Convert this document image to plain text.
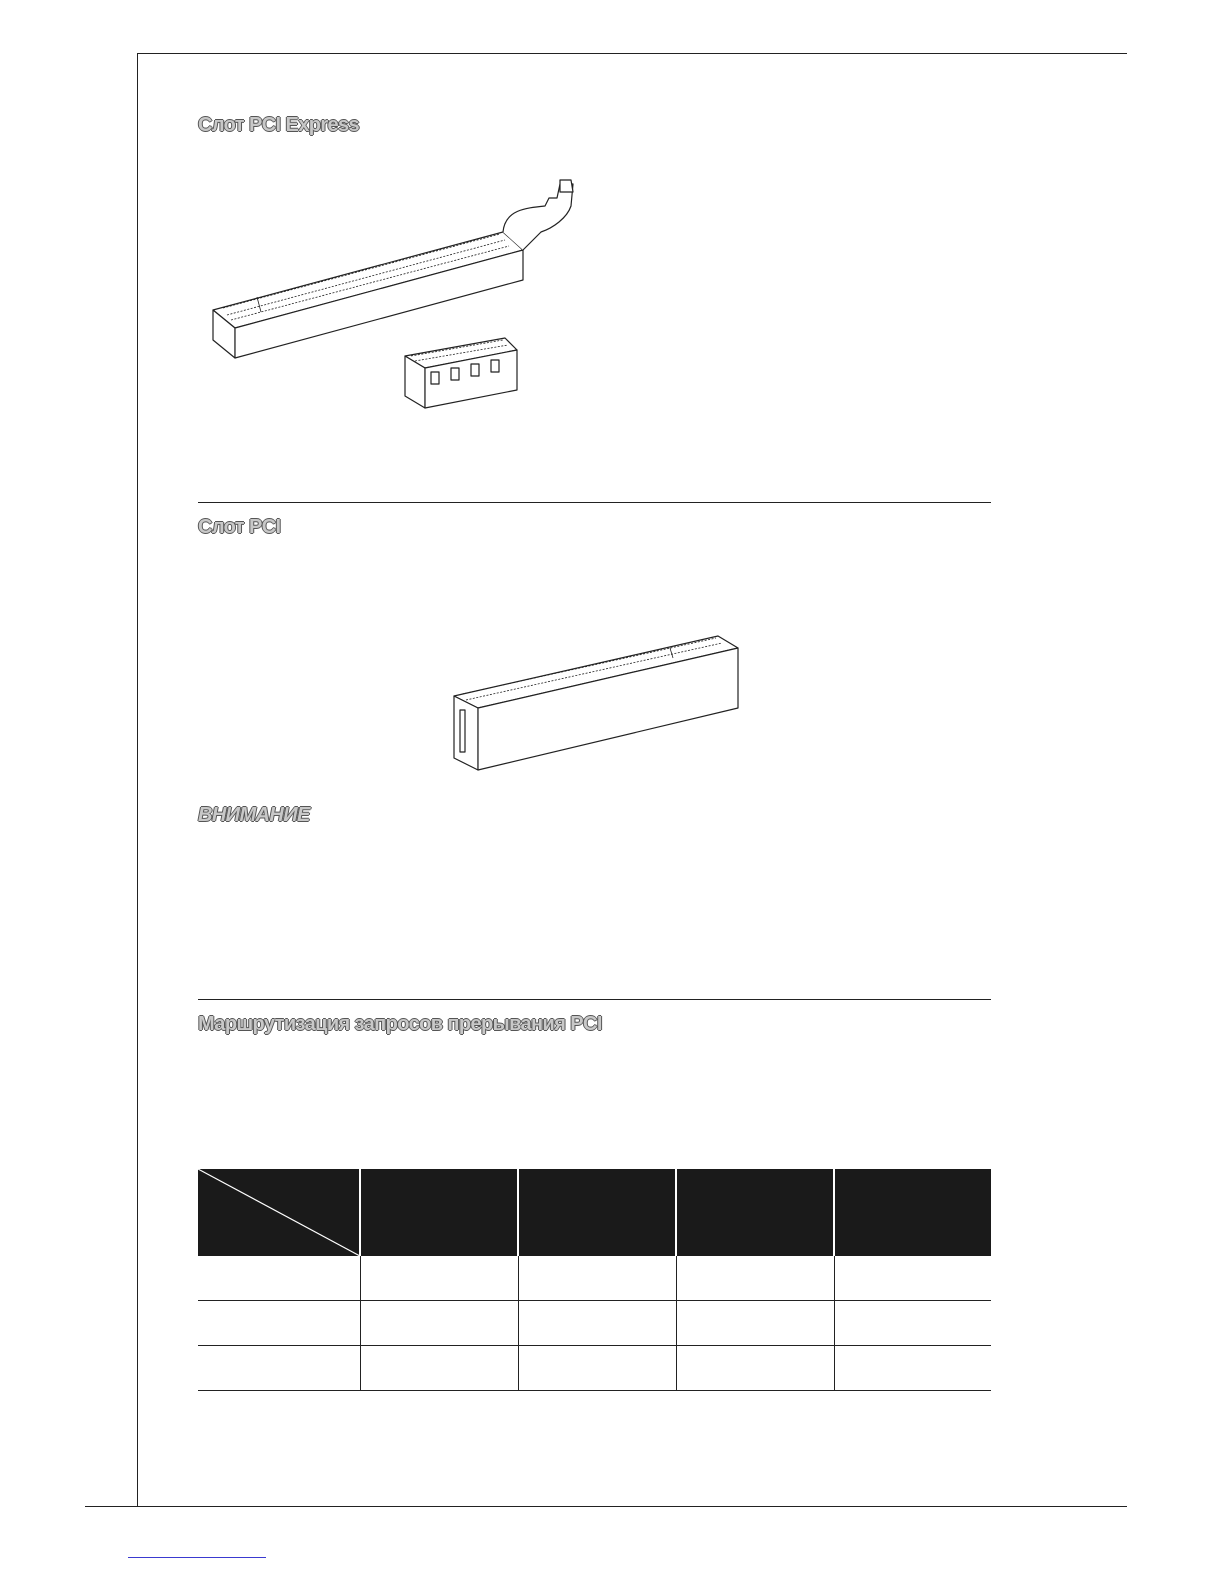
Слот PCI Express
Слот PCI
ВНИМАНИЕ
Маршрутизация запросов прерывания PCI
